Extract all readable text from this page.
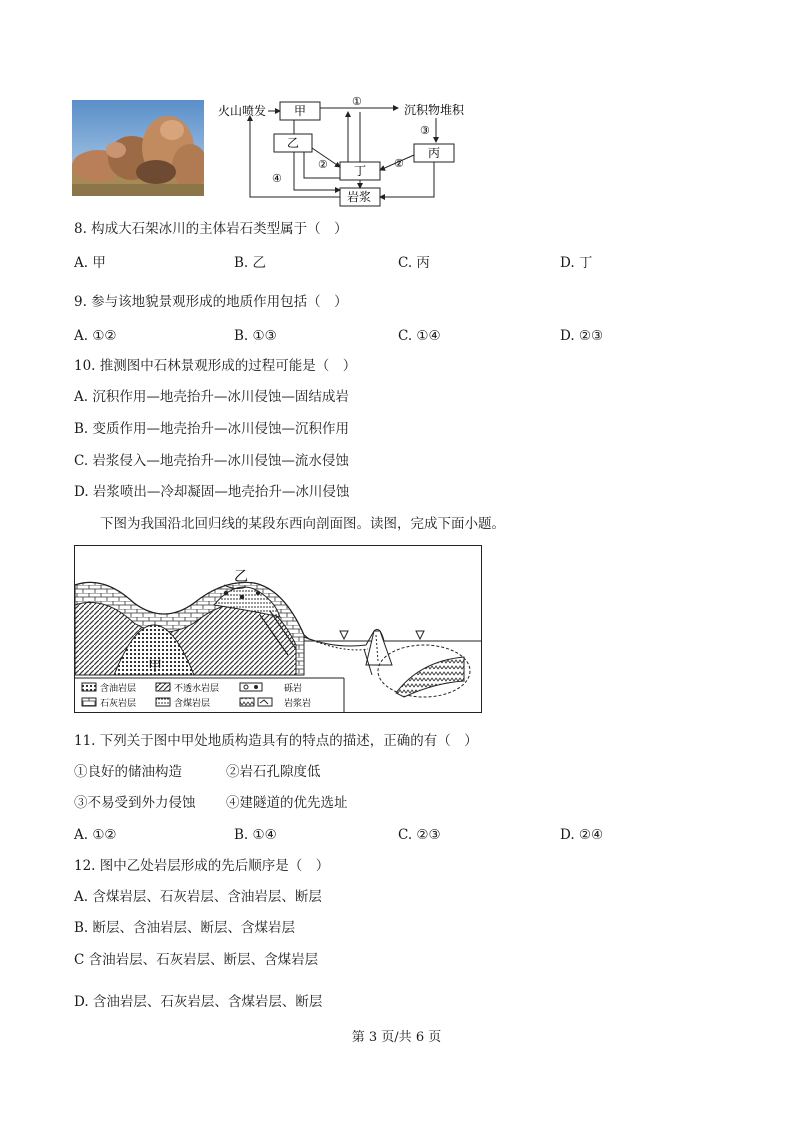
火山喷发 甲
①
沉积物堆积
③
丙
乙
丁
②
②
岩浆
④
8. 构成大石架冰川的主体岩石类型属于（　）
A. 甲	B. 乙	C. 丙	D. 丁
9. 参与该地貌景观形成的地质作用包括（　）
A. ①②	B. ①③	C. ①④	D. ②③
10. 推测图中石林景观形成的过程可能是（　）
A. 沉积作用—地壳抬升—冰川侵蚀—固结成岩
B. 变质作用—地壳抬升—冰川侵蚀—沉积作用
C. 岩浆侵入—地壳抬升—冰川侵蚀—流水侵蚀
D. 岩浆喷出—冷却凝固—地壳抬升—冰川侵蚀
下图为我国沿北回归线的某段东西向剖面图。读图，完成下面小题。
乙
甲
含油岩层
石灰岩层
不透水岩层
含煤岩层
砾岩
岩浆岩
11. 下列关于图中甲处地质构造具有的特点的描述，正确的有（　）
①良好的储油构造	②岩石孔隙度低
③不易受到外力侵蚀 ④建隧道的优先选址
A. ①②	B. ①④	C. ②③	D. ②④
12. 图中乙处岩层形成的先后顺序是（　）
A. 含煤岩层、石灰岩层、含油岩层、断层
B. 断层、含油岩层、断层、含煤岩层
C 含油岩层、石灰岩层、断层、含煤岩层
D. 含油岩层、石灰岩层、含煤岩层、断层
第 3 页/共 6 页
